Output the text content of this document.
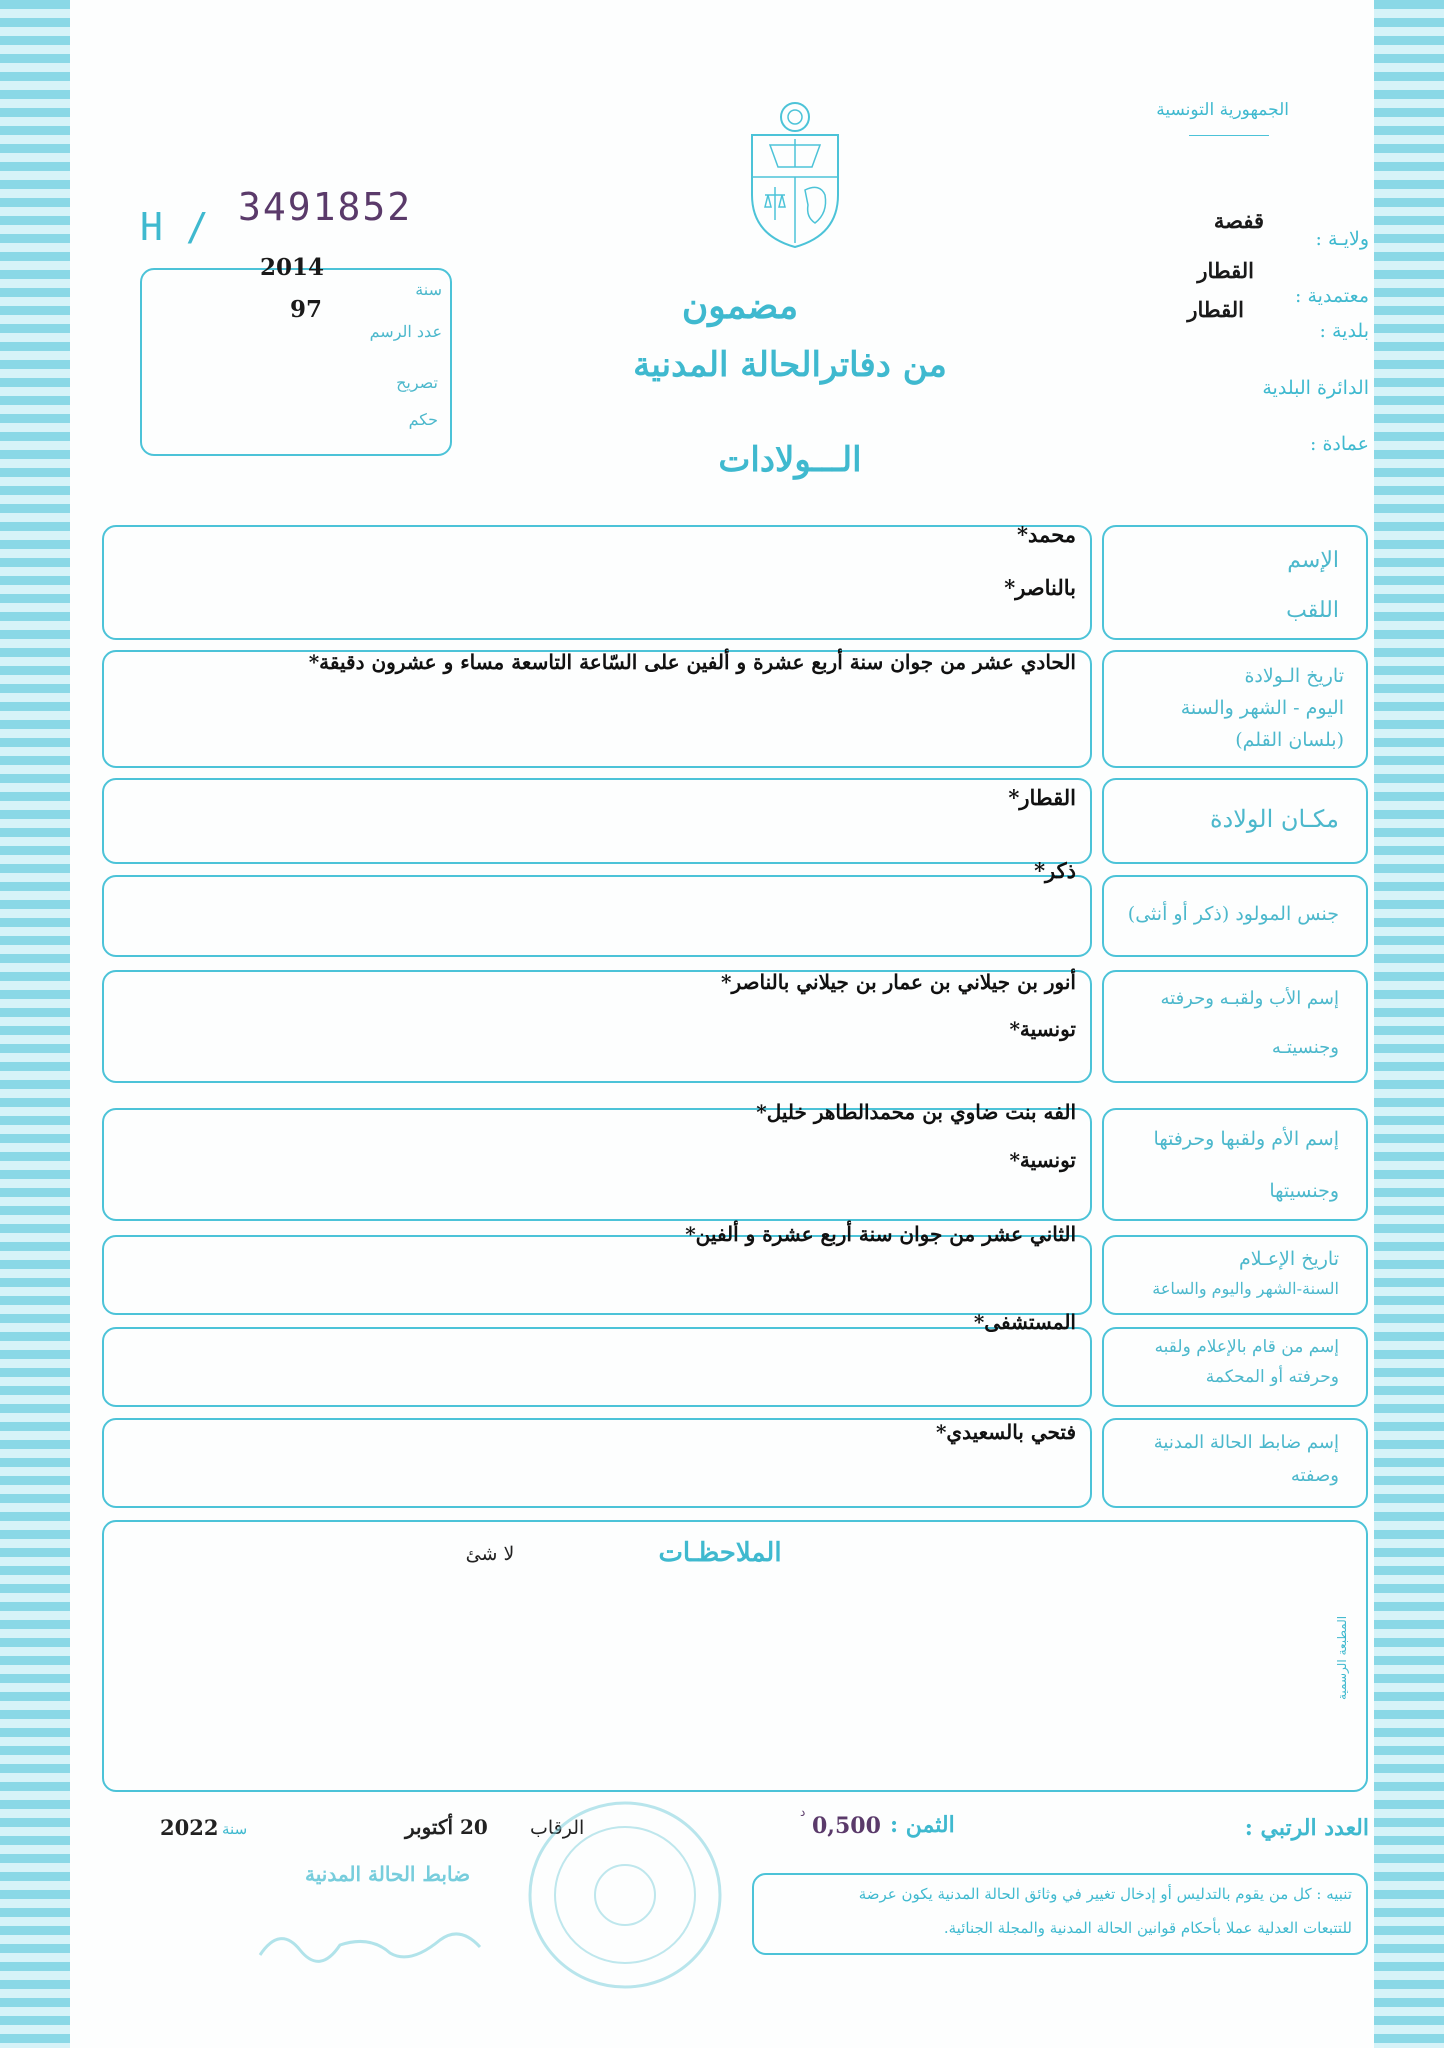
الجمهورية التونسية
ولايـة :
قفصة
معتمدية :
القطار
بلدية :
القطار
الدائرة البلدية
عمادة :
مضمون
من دفاترالحالة المدنية
الـــولادات
H / 3491852
سنة
2014
عدد الرسم
97
تصريح
حكم
الإسم
اللقب
محمد*
بالناصر*
تاريخ الـولادة
اليوم - الشهر والسنة
(بلسان القلم)
الحادي عشر من جوان سنة أربع عشرة و ألفين على السّاعة التاسعة مساء و عشرون دقيقة*
مكـان الولادة
القطار*
جنس المولود (ذكر أو أنثى)
ذكر*
إسم الأب ولقبـه وحرفته
وجنسيتـه
أنور بن جيلاني بن عمار بن جيلاني بالناصر*
تونسية*
إسم الأم ولقبها وحرفتها
وجنسيتها
الفه بنت ضاوي بن محمدالطاهر خليل*
تونسية*
تاريخ الإعـلام
السنة-الشهر واليوم والساعة
الثاني عشر من جوان سنة أربع عشرة و ألفين*
إسم من قام بالإعلام ولقبه
وحرفته أو المحكمة
المستشفى*
إسم ضابط الحالة المدنية
وصفته
فتحي بالسعيدي*
الملاحظـات
لا شئ
المطبعة الرسمية
العدد الرتبي :
الثمن :
0,500
د
الرقاب
20 أكتوبر
سنة
2022
ضابط الحالة المدنية
تنبيه : كل من يقوم بالتدليس أو إدخال تغيير في وثائق الحالة المدنية يكون عرضة
للتتبعات العدلية عملا بأحكام قوانين الحالة المدنية والمجلة الجنائية.
